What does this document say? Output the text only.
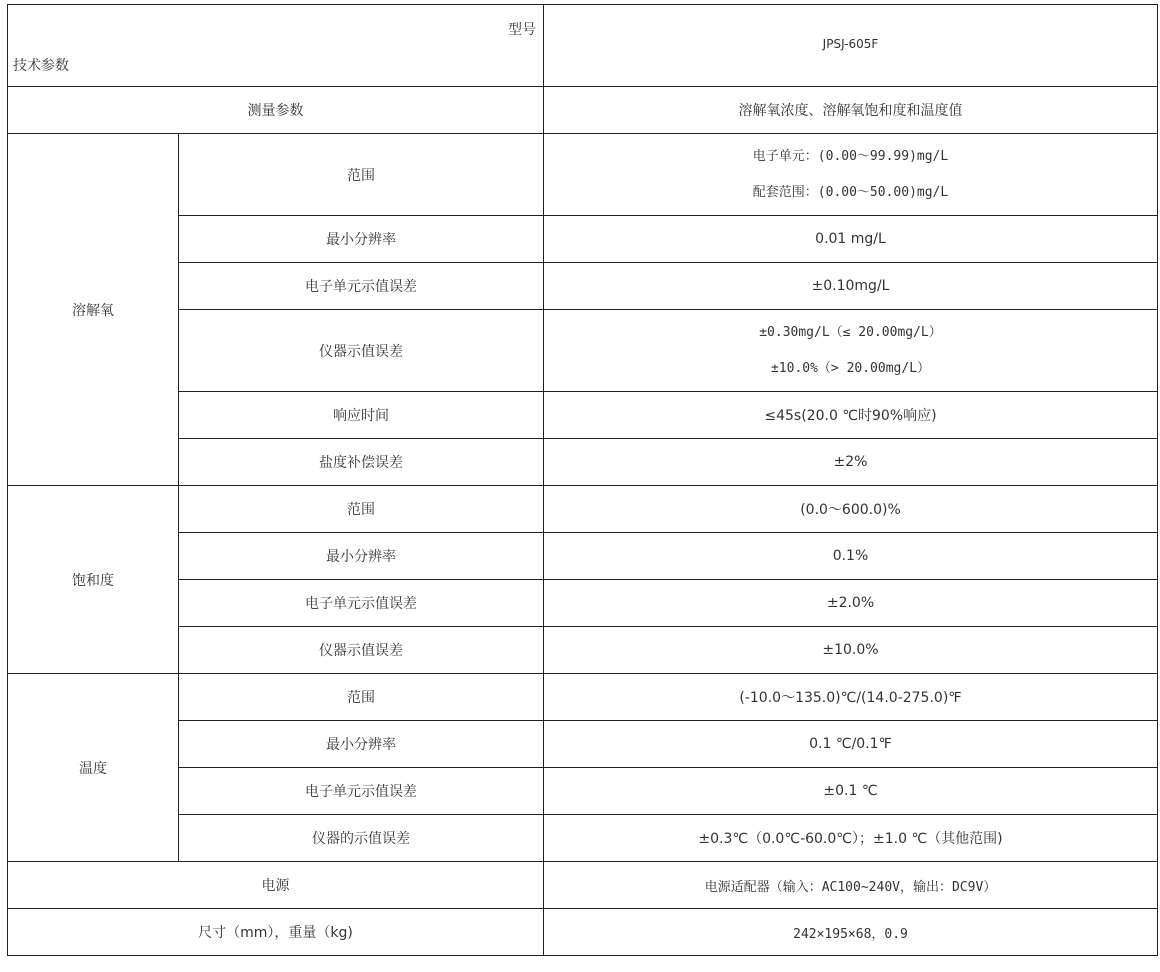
型号
技术参数		JPSJ-605F
测量参数		溶解氧浓度、溶解氧饱和度和温度值
溶解氧	范围	电子单元：(0.00～99.99)mg/L
配套范围：(0.00～50.00)mg/L

	最小分辨率	0.01 mg/L
	电子单元示值误差	±0.10mg/L
	仪器示值误差	±0.30mg/L（≤ 20.00mg/L）
±10.0%（> 20.00mg/L）

	响应时间	≤45s(20.0 ℃时90%响应)
	盐度补偿误差	±2%
饱和度	范围	(0.0～600.0)%
	最小分辨率	0.1%
	电子单元示值误差	±2.0%
	仪器示值误差	±10.0%
温度	范围	(-10.0～135.0)℃/(14.0-275.0)℉
	最小分辨率	0.1 ℃/0.1℉
	电子单元示值误差	±0.1 ℃
	仪器的示值误差	±0.3℃（0.0℃-60.0℃）；±1.0 ℃（其他范围)
电源		电源适配器（输入：AC100~240V，输出：DC9V）
尺寸（mm），重量（kg)		242×195×68，0.9
